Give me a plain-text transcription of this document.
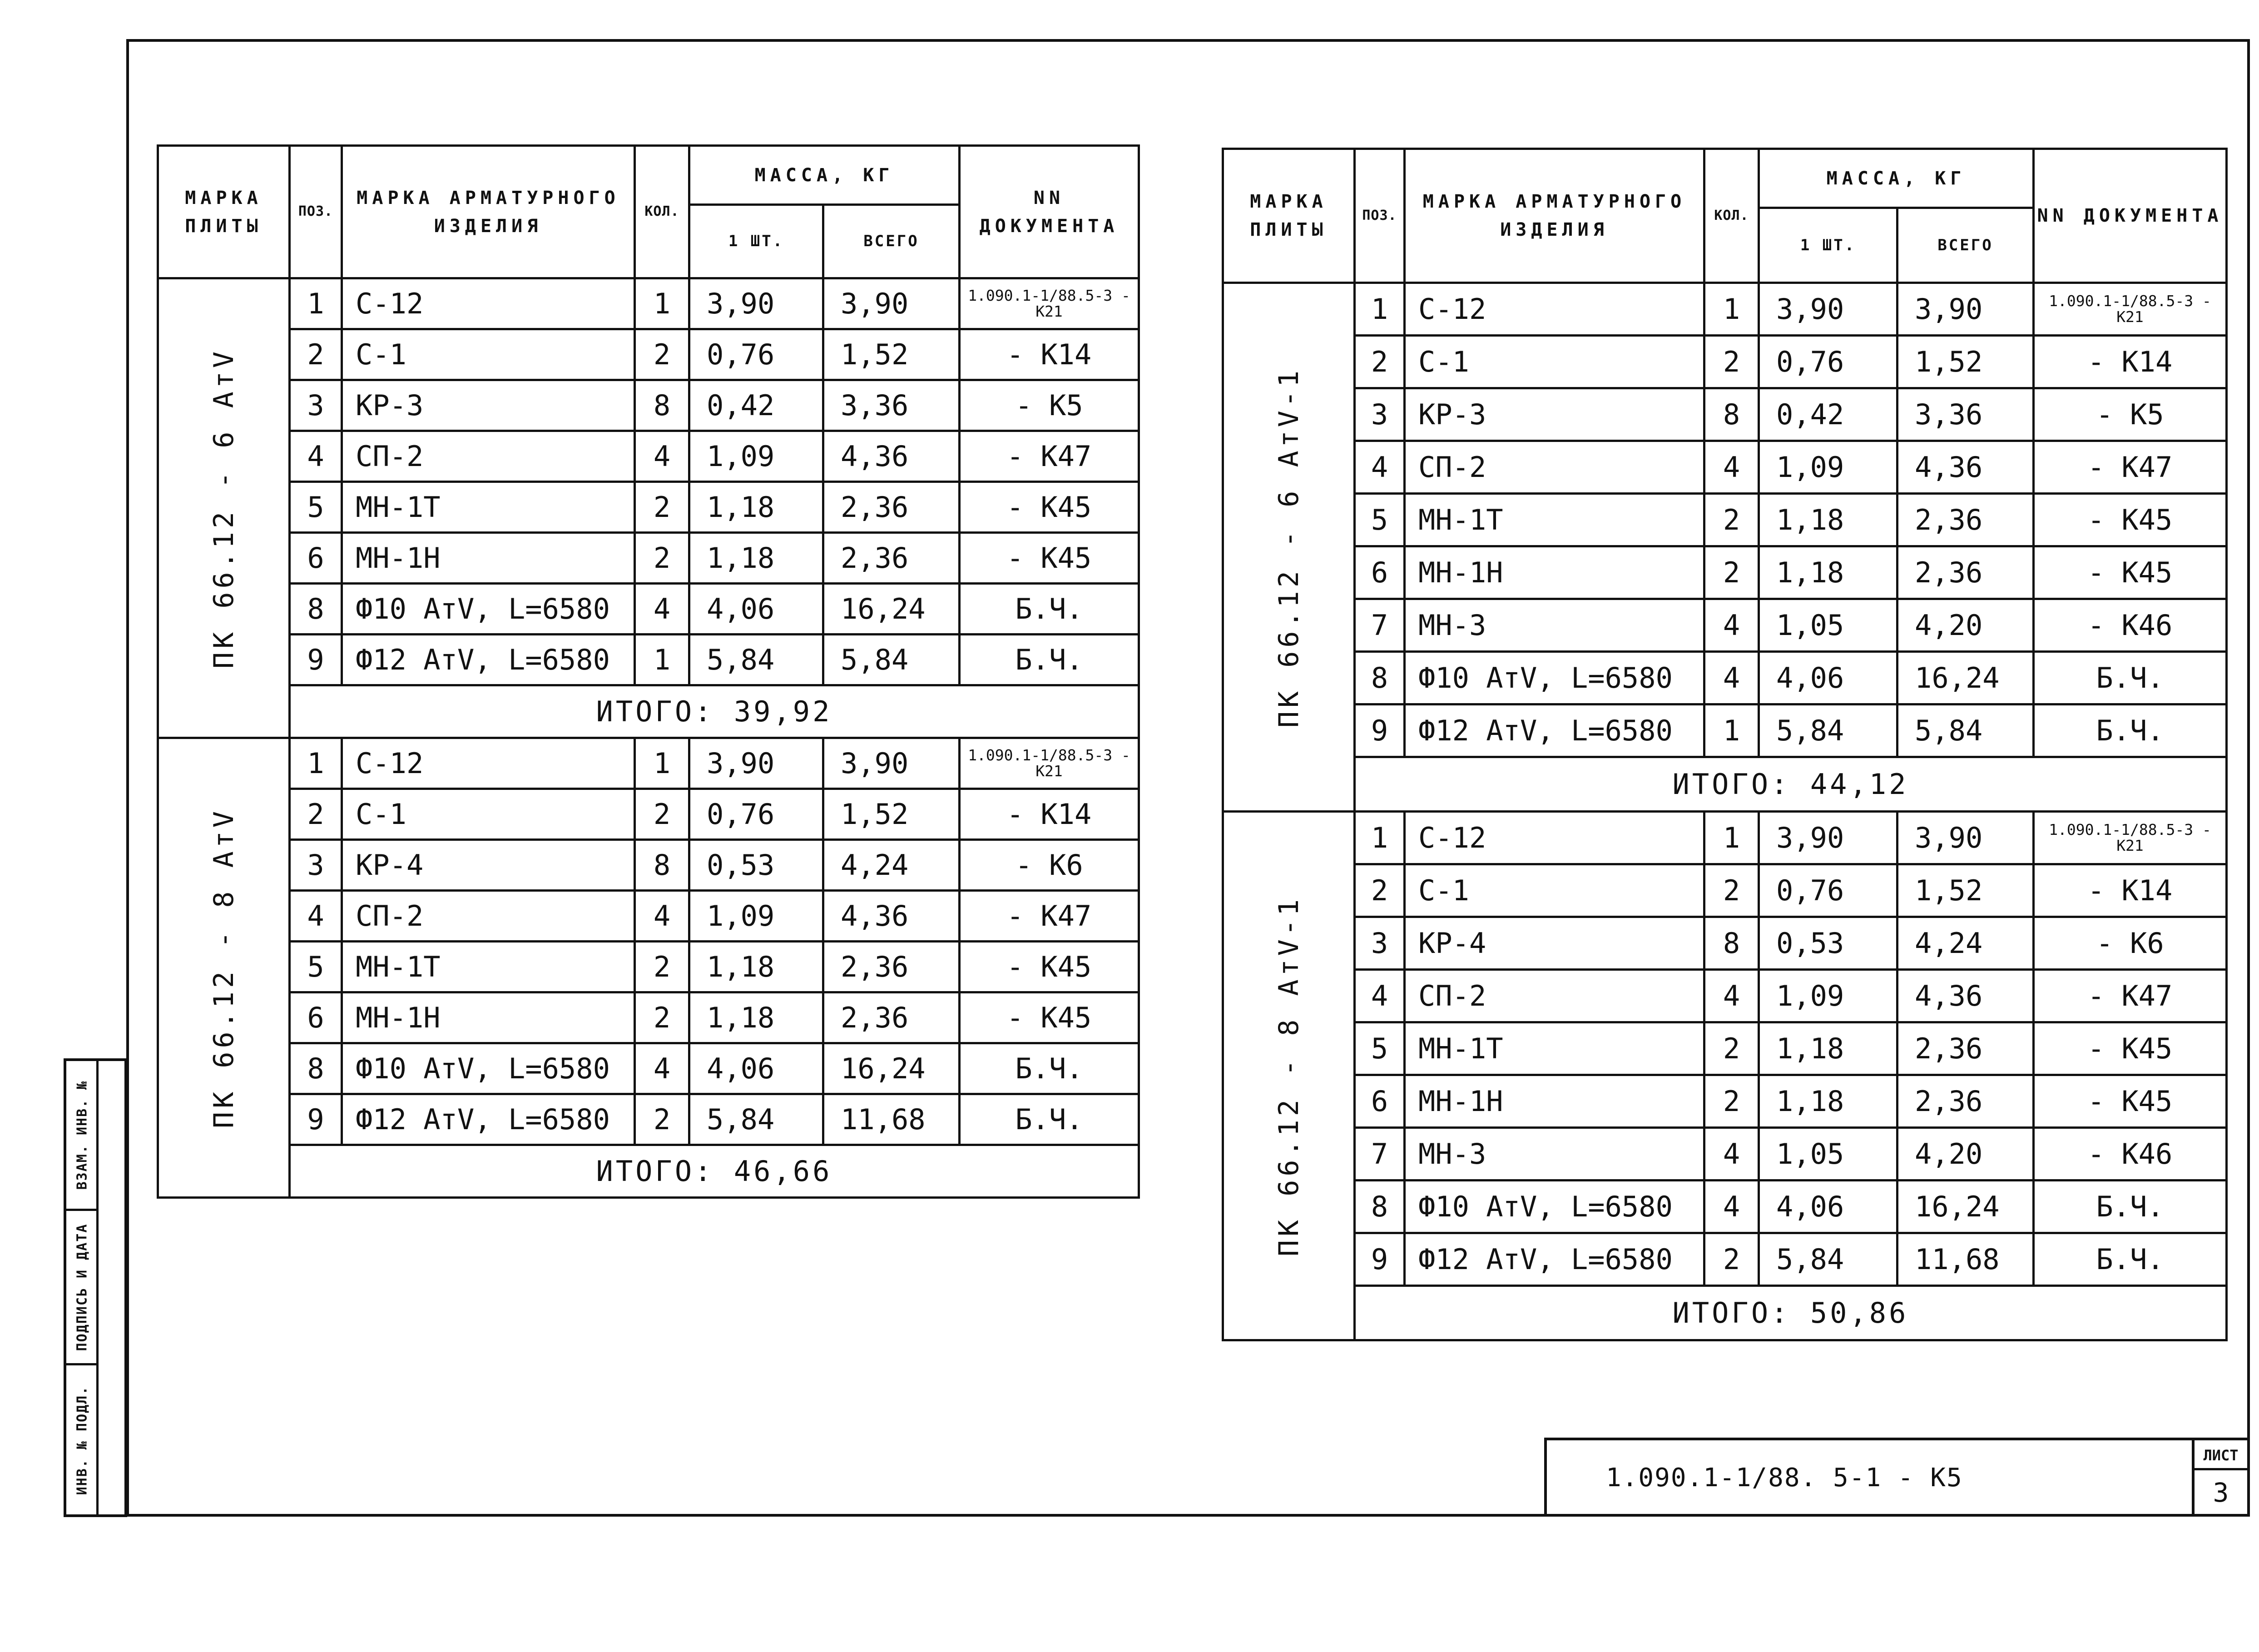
ВЗАМ. ИНВ. №
ПОДПИСЬ И ДАТА
ИНВ. № ПОДЛ.
МАРКА ПЛИТЫ	ПОЗ.	МАРКА АРМАТУРНОГО ИЗДЕЛИЯ	КОЛ.	МАССА, КГ		NN ДОКУМЕНТА
				1 ШТ.	ВСЕГО	

ПК 66.12 - 6 АтV	1	С-12	1	3,90	3,90	1.090.1-1/88.5-3 - К21
	2	С-1	2	0,76	1,52	- К14
	3	КР-3	8	0,42	3,36	- К5
	4	СП-2	4	1,09	4,36	- К47
	5	МН-1Т	2	1,18	2,36	- К45
	6	МН-1Н	2	1,18	2,36	- К45
	8	Ф10 АтV, L=6580	4	4,06	16,24	Б.Ч.
	9	Ф12 АтV, L=6580	1	5,84	5,84	Б.Ч.
	ИТОГО: 39,92					

ПК 66.12 - 8 АтV	1	С-12	1	3,90	3,90	1.090.1-1/88.5-3 - К21
	2	С-1	2	0,76	1,52	- К14
	3	КР-4	8	0,53	4,24	- К6
	4	СП-2	4	1,09	4,36	- К47
	5	МН-1Т	2	1,18	2,36	- К45
	6	МН-1Н	2	1,18	2,36	- К45
	8	Ф10 АтV, L=6580	4	4,06	16,24	Б.Ч.
	9	Ф12 АтV, L=6580	2	5,84	11,68	Б.Ч.
	ИТОГО: 46,66					
МАРКА ПЛИТЫ	ПОЗ.	МАРКА АРМАТУРНОГО ИЗДЕЛИЯ	КОЛ.	МАССА, КГ		NN ДОКУМЕНТА
				1 ШТ.	ВСЕГО	

ПК 66.12 - 6 АтV-1	1	С-12	1	3,90	3,90	1.090.1-1/88.5-3 - К21
	2	С-1	2	0,76	1,52	- К14
	3	КР-3	8	0,42	3,36	- К5
	4	СП-2	4	1,09	4,36	- К47
	5	МН-1Т	2	1,18	2,36	- К45
	6	МН-1Н	2	1,18	2,36	- К45
	7	МН-3	4	1,05	4,20	- К46
	8	Ф10 АтV, L=6580	4	4,06	16,24	Б.Ч.
	9	Ф12 АтV, L=6580	1	5,84	5,84	Б.Ч.
	ИТОГО: 44,12					

ПК 66.12 - 8 АтV-1	1	С-12	1	3,90	3,90	1.090.1-1/88.5-3 - К21
	2	С-1	2	0,76	1,52	- К14
	3	КР-4	8	0,53	4,24	- К6
	4	СП-2	4	1,09	4,36	- К47
	5	МН-1Т	2	1,18	2,36	- К45
	6	МН-1Н	2	1,18	2,36	- К45
	7	МН-3	4	1,05	4,20	- К46
	8	Ф10 АтV, L=6580	4	4,06	16,24	Б.Ч.
	9	Ф12 АтV, L=6580	2	5,84	11,68	Б.Ч.
	ИТОГО: 50,86					
1.090.1-1/88. 5-1 - К5
ЛИСТ
3
